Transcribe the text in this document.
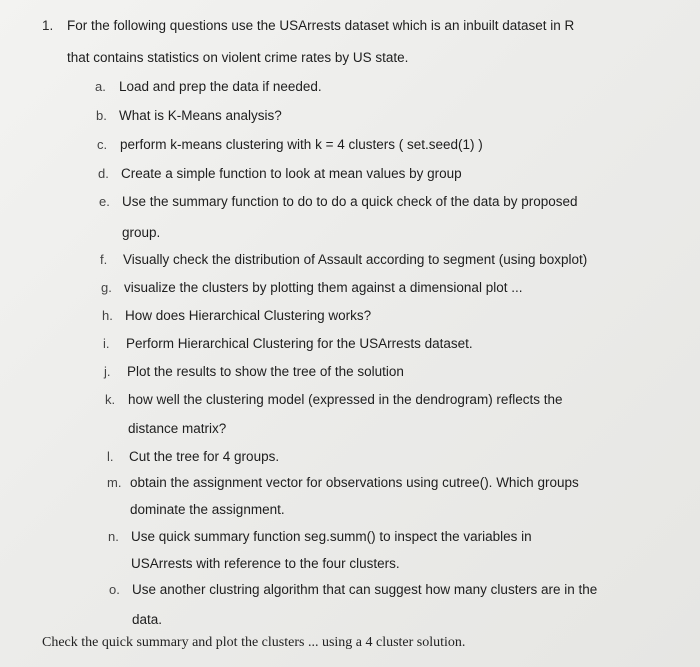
1. For the following questions use the USArrests dataset which is an inbuilt dataset in R
that contains statistics on violent crime rates by US state.
a. Load and prep the data if needed.
b. What is K-Means analysis?
c. perform k-means clustering with k = 4 clusters ( set.seed(1) )
d. Create a simple function to look at mean values by group
e. Use the summary function to do to do a quick check of the data by proposed
group.
f. Visually check the distribution of Assault according to segment (using boxplot)
g. visualize the clusters by plotting them against a dimensional plot ...
h. How does Hierarchical Clustering works?
i. Perform Hierarchical Clustering for the USArrests dataset.
j. Plot the results to show the tree of the solution
k. how well the clustering model (expressed in the dendrogram) reflects the
distance matrix?
l. Cut the tree for 4 groups.
m. obtain the assignment vector for observations using cutree(). Which groups
dominate the assignment.
n. Use quick summary function seg.summ() to inspect the variables in
USArrests with reference to the four clusters.
o. Use another clustring algorithm that can suggest how many clusters are in the
data.
Check the quick summary and plot the clusters ... using a 4 cluster solution.
